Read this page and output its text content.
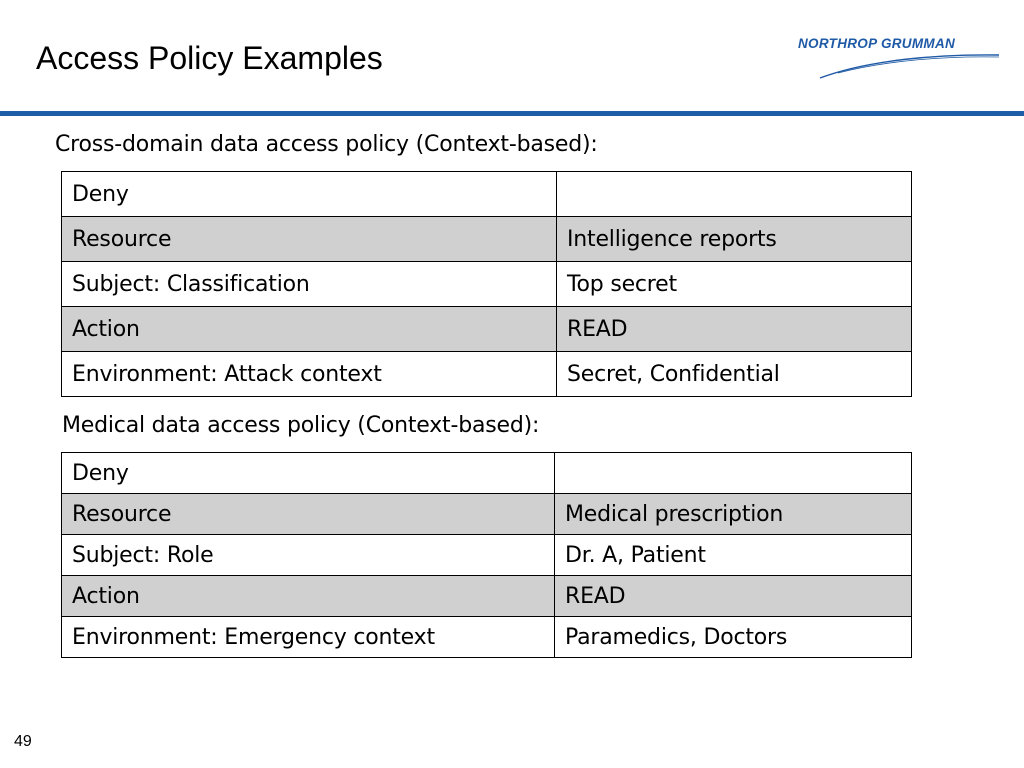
Access Policy Examples	NORTHROP GRUMMAN

Cross-domain data access policy (Context-based):

Deny	
Resource	Intelligence reports
Subject: Classification	Top secret
Action	READ
Environment: Attack context	Secret, Confidential

Medical data access policy (Context-based):

Deny	
Resource	Medical prescription
Subject: Role	Dr. A, Patient
Action	READ
Environment: Emergency context	Paramedics, Doctors
49
